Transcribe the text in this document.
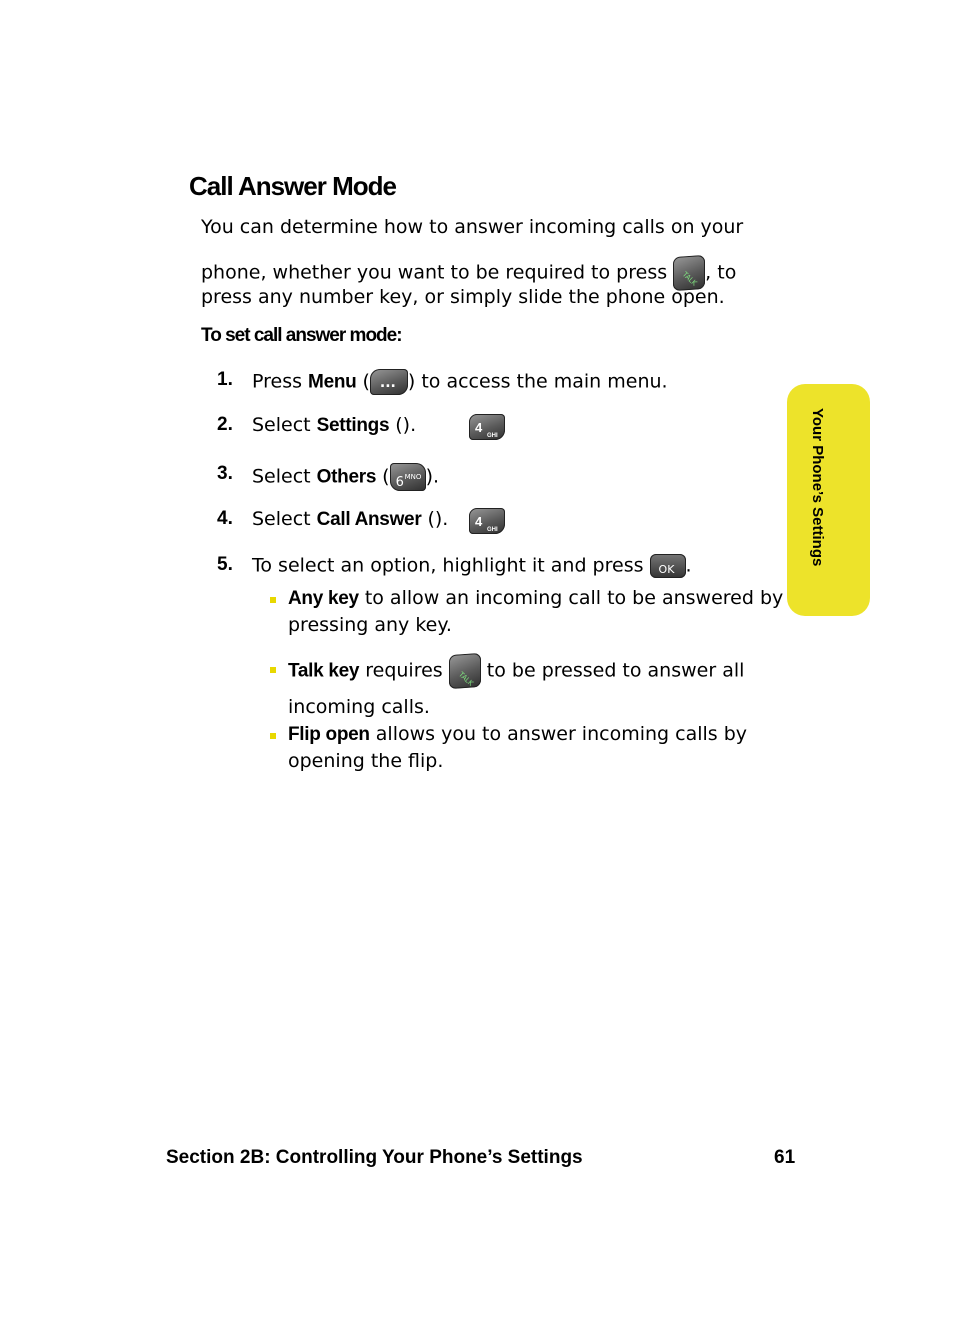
Call Answer Mode
You can determine how to answer incoming calls on your
phone, whether you want to be required to press	TALK , to
press any number key, or simply slide the phone open.
To set call answer mode:
1. Press Menu ( ... ) to access the main menu.
2. Select Settings (	4
GHI
).
3. Select Others ( 6 MNO ).
4. Select Call Answer (	4
GHI
).
5. To select an option, highlight it and press OK .
Any key to allow an incoming call to be answered by
pressing any key.
Talk key requires	TALK to be pressed to answer all
incoming calls.
Flip open allows you to answer incoming calls by
opening the flip.
Your Phone’s Settings
Section 2B: Controlling Your Phone’s Settings	61
